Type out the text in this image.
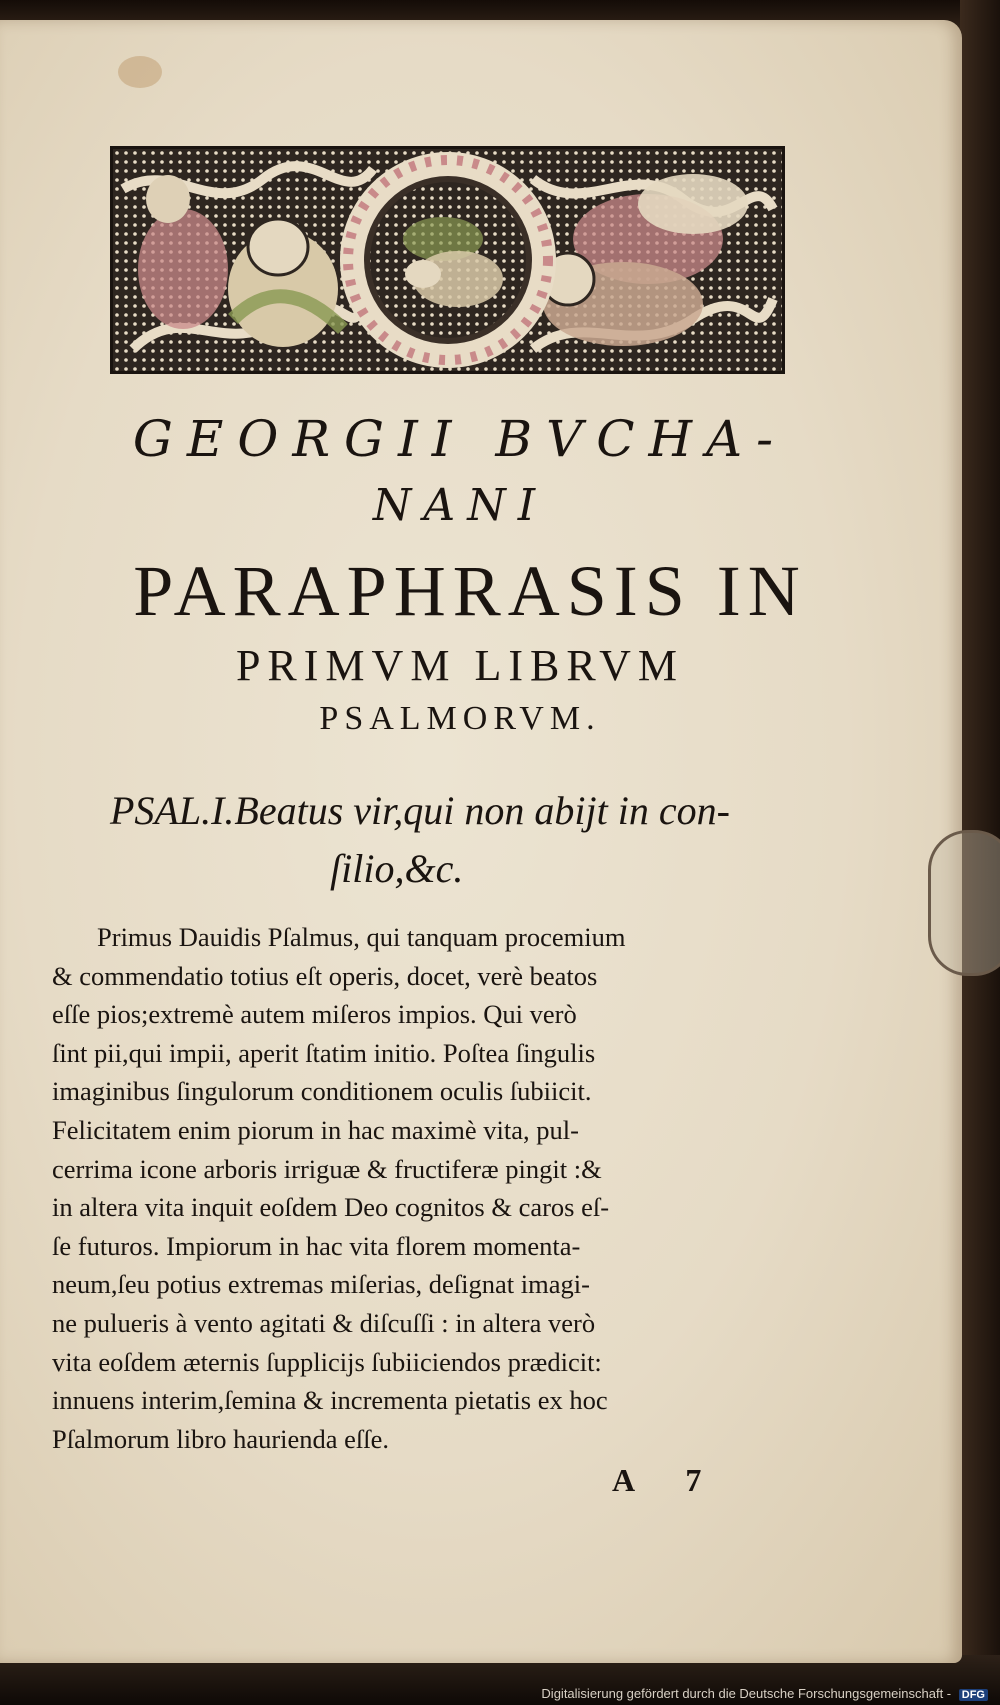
GEORGII BVCHA-
NANI
PARAPHRASIS IN
PRIMVM LIBRVM
PSALMORVM.
PSAL.I.Beatus vir,qui non abijt in con-
ſilio,&c.
Primus Dauidis Pſalmus, qui tanquam procemium
& commendatio totius eſt operis, docet, verè beatos
eſſe pios;extremè autem miſeros impios. Qui verò
ſint pii,qui impii, aperit ſtatim initio. Poſtea ſingulis
imaginibus ſingulorum conditionem oculis ſubiicit.
Felicitatem enim piorum in hac maximè vita, pul-
cerrima icone arboris irriguæ & fructiferæ pingit :&
in altera vita inquit eoſdem Deo cognitos & caros eſ-
ſe futuros. Impiorum in hac vita florem momenta-
neum,ſeu potius extremas miſerias, deſignat imagi-
ne pulueris à vento agitati & diſcuſſi : in altera verò
vita eoſdem æternis ſupplicijs ſubiiciendos prædicit:
innuens interim,ſemina & incrementa pietatis ex hoc
Pſalmorum libro haurienda eſſe.
A 7
Digitalisierung gefördert durch die Deutsche Forschungsgemeinschaft - DFG
